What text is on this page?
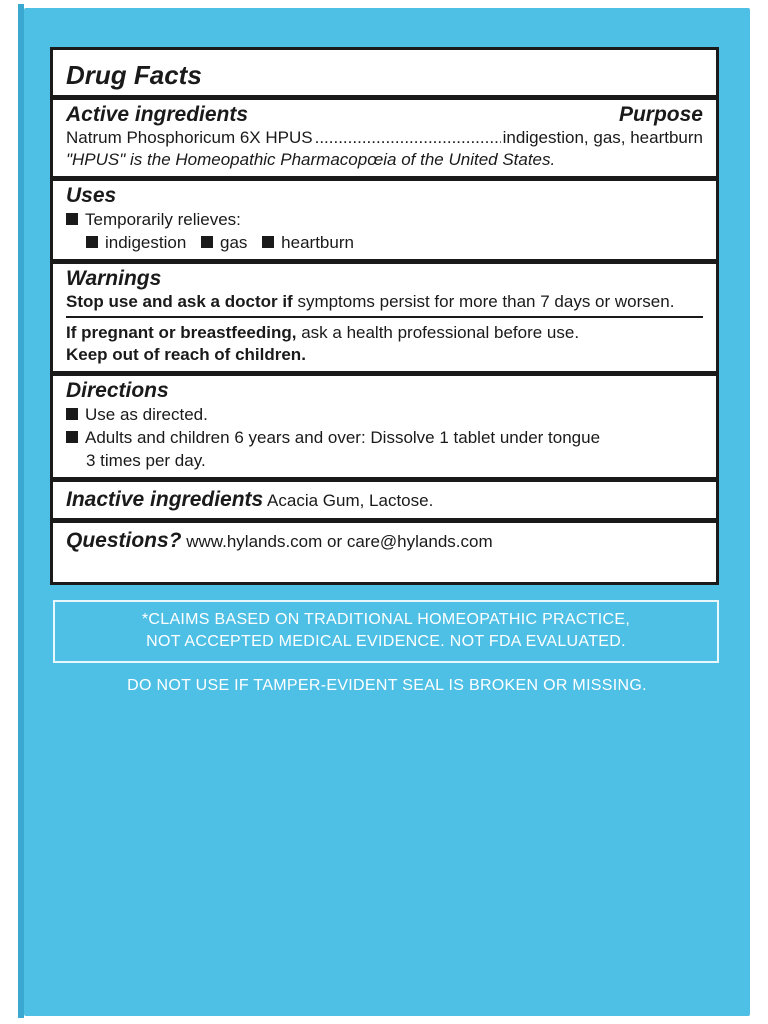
Drug Facts
Active ingredients	Purpose
Natrum Phosphoricum 6X HPUS
.....	indigestion, gas, heartburn
"HPUS" is the Homeopathic Pharmacopœia of the United States.
Uses
Temporarily relieves:
indigestion gas heartburn
Warnings
Stop use and ask a doctor if symptoms persist for more than 7 days or worsen.
If pregnant or breastfeeding, ask a health professional before use.
Keep out of reach of children.
Directions
Use as directed.
Adults and children 6 years and over: Dissolve 1 tablet under tongue
3 times per day.
Inactive ingredients Acacia Gum, Lactose.
Questions? www.hylands.com or care@hylands.com
*CLAIMS BASED ON TRADITIONAL HOMEOPATHIC PRACTICE,
NOT ACCEPTED MEDICAL EVIDENCE. NOT FDA EVALUATED.
DO NOT USE IF TAMPER-EVIDENT SEAL IS BROKEN OR MISSING.
